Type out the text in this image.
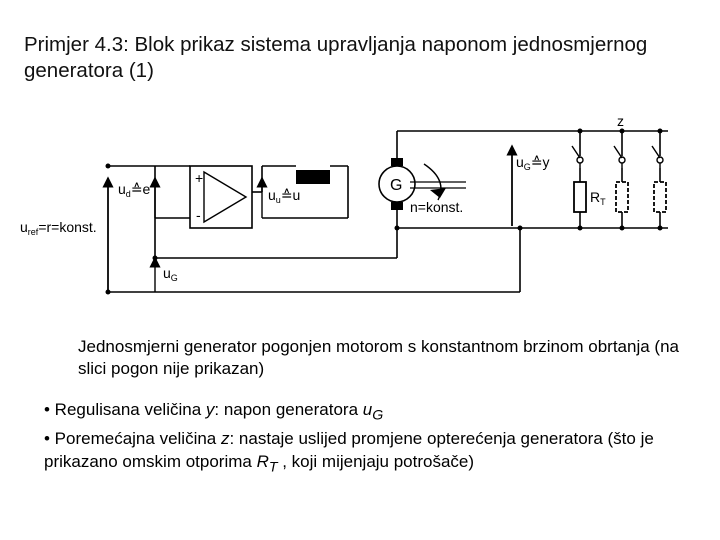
Primjer 4.3: Blok prikaz sistema upravljanja naponom jednosmjernog generatora (1)
+
-
G
$u_{ref}=r=konst$.
$u_d≙e$	$u_u≙u$
$u_G$
$u_G≙y$
n=konst.
z
$R_T$
Jednosmjerni generator pogonjen motorom s konstantnom brzinom obrtanja (na slici pogon nije prikazan)

• Regulisana veličina y: napon generatora $u_G$

• Poremećajna veličina z: nastaje uslijed promjene opterećenja generatora (što je prikazano omskim otporima $R_T$ , koji mijenjaju potrošače)
